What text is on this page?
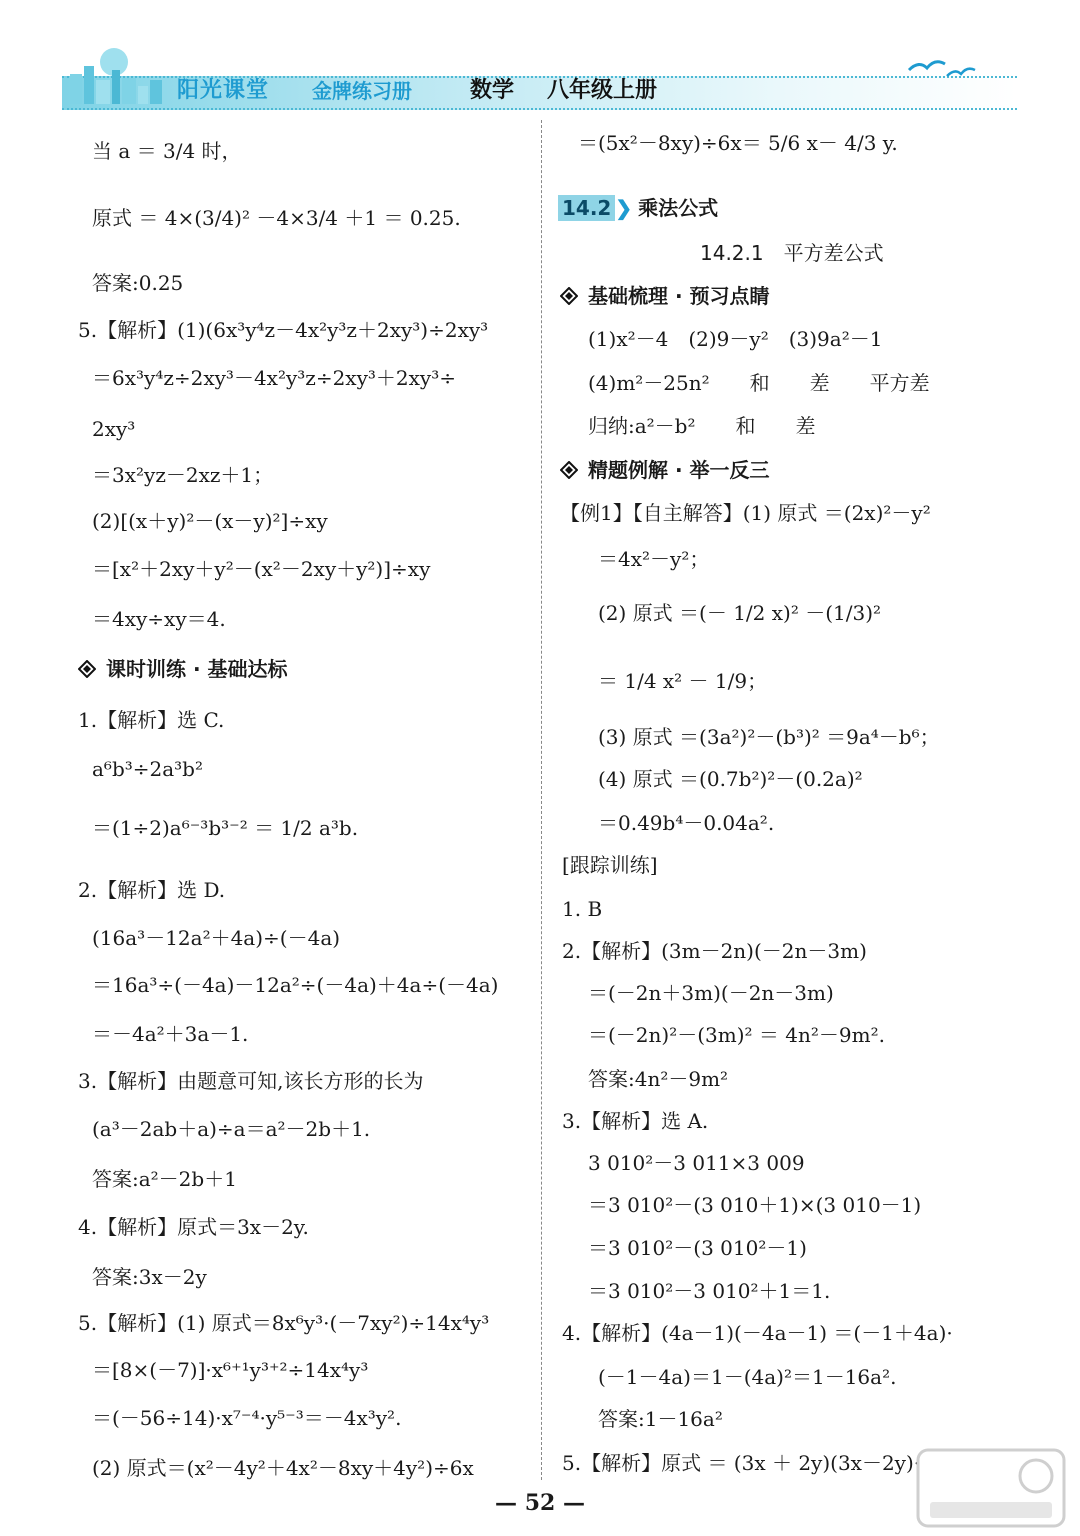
阳光课堂 金牌练习册	数学 八年级上册
当 a ＝ 3/4 时，
原式 ＝ 4×(3/4)² －4×3/4 ＋1 ＝ 0.25.
答案:0.25
5.【解析】(1)(6x³y⁴z－4x²y³z＋2xy³)÷2xy³
＝6x³y⁴z÷2xy³－4x²y³z÷2xy³＋2xy³÷
2xy³
＝3x²yz－2xz＋1；
(2)[(x＋y)²－(x－y)²]÷xy
＝[x²＋2xy＋y²－(x²－2xy＋y²)]÷xy
＝4xy÷xy＝4.
课时训练 · 基础达标
1.【解析】选 C.
a⁶b³÷2a³b²
＝(1÷2)a⁶⁻³b³⁻² ＝ 1/2 a³b.
2.【解析】选 D.
(16a³－12a²＋4a)÷(－4a)
＝16a³÷(－4a)－12a²÷(－4a)＋4a÷(－4a)
＝－4a²＋3a－1.
3.【解析】由题意可知,该长方形的长为
(a³－2ab＋a)÷a＝a²－2b＋1.
答案:a²－2b＋1
4.【解析】原式＝3x－2y.
答案:3x－2y
5.【解析】(1) 原式＝8x⁶y³·(－7xy²)÷14x⁴y³
＝[8×(－7)]·x⁶⁺¹y³⁺²÷14x⁴y³
＝(－56÷14)·x⁷⁻⁴·y⁵⁻³＝－4x³y².
(2) 原式＝(x²－4y²＋4x²－8xy＋4y²)÷6x
＝(5x²－8xy)÷6x＝ 5/6 x－ 4/3 y.
14.2 ❯ 乘法公式
14.2.1　平方差公式
基础梳理 · 预习点睛
(1)x²－4　(2)9－y²　(3)9a²－1
(4)m²－25n²　　和　　差　　平方差
归纳:a²－b²　　和　　差
精题例解 · 举一反三
【例1】【自主解答】(1) 原式 ＝(2x)²－y²
＝4x²－y²；
(2) 原式 ＝(－ 1/2 x)² －(1/3)²
＝ 1/4 x² － 1/9；
(3) 原式 ＝(3a²)²－(b³)² ＝9a⁴－b⁶；
(4) 原式 ＝(0.7b²)²－(0.2a)²
＝0.49b⁴－0.04a².
[跟踪训练]
1. B
2.【解析】(3m－2n)(－2n－3m)
＝(－2n＋3m)(－2n－3m)
＝(－2n)²－(3m)² ＝ 4n²－9m².
答案:4n²－9m²
3.【解析】选 A.
3 010²－3 011×3 009
＝3 010²－(3 010＋1)×(3 010－1)
＝3 010²－(3 010²－1)
＝3 010²－3 010²＋1＝1.
4.【解析】(4a－1)(－4a－1) ＝(－1＋4a)·
(－1－4a)＝1－(4a)²＝1－16a².
答案:1－16a²
5.【解析】原式 ＝ (3x ＋ 2y)(3x－2y)·
— 52 —
